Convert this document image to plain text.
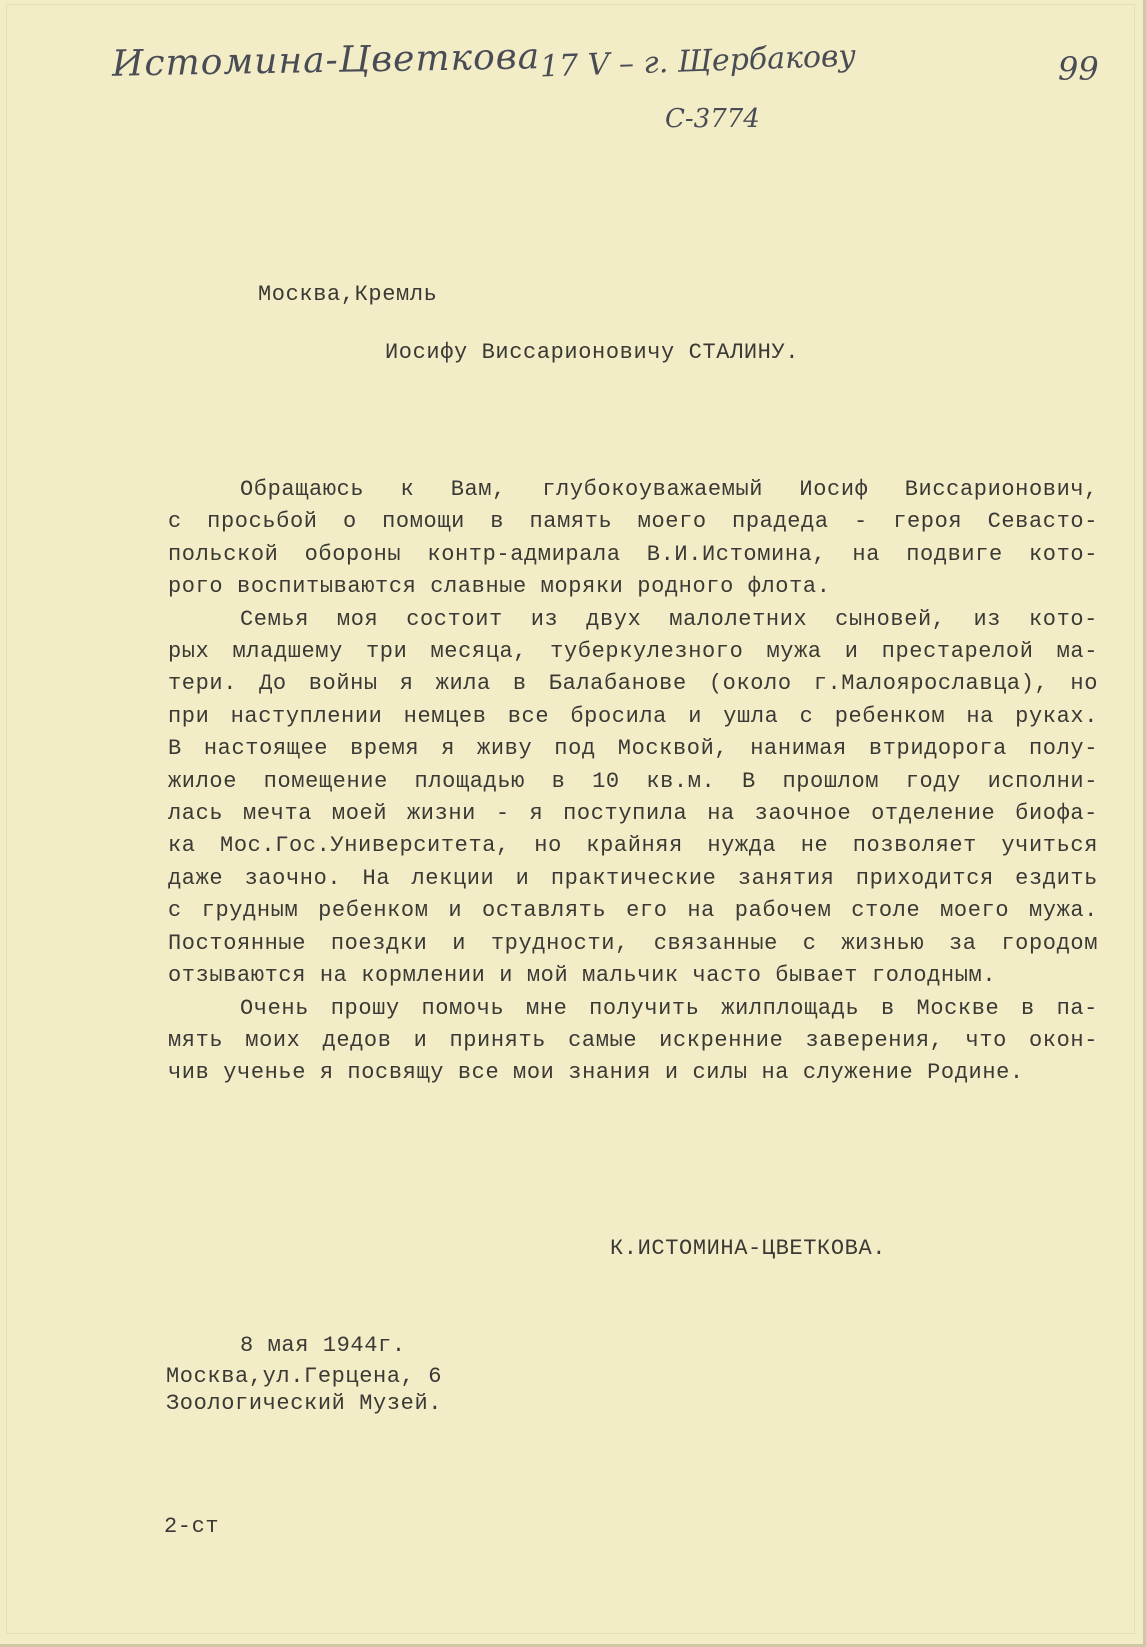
Истомина-Цветкова 17 V – г. Щербакову
С-3774
99
Москва,Кремль
Иосифу Виссарионовичу СТАЛИНУ.
Обращаюсь к Вам, глубокоуважаемый Иосиф Виссарионович,
с просьбой о помощи в память моего прадеда - героя Севасто-
польской обороны контр-адмирала В.И.Истомина, на подвиге кото-
рого воспитываются славные моряки родного флота.
Семья моя состоит из двух малолетних сыновей, из кото-
рых младшему три месяца, туберкулезного мужа и престарелой ма-
тери. До войны я жила в Балабанове (около г.Малоярославца), но
при наступлении немцев все бросила и ушла с ребенком на руках.
В настоящее время я живу под Москвой, нанимая втридорога полу-
жилое помещение площадью в 10 кв.м. В прошлом году исполни-
лась мечта моей жизни - я поступила на заочное отделение биофа-
ка Мос.Гос.Университета, но крайняя нужда не позволяет учиться
даже заочно. На лекции и практические занятия приходится ездить
с грудным ребенком и оставлять его на рабочем столе моего мужа.
Постоянные поездки и трудности, связанные с жизнью за городом
отзываются на кормлении и мой мальчик часто бывает голодным.
Очень прошу помочь мне получить жилплощадь в Москве в па-
мять моих дедов и принять самые искренние заверения, что окон-
чив ученье я посвящу все мои знания и силы на служение Родине.
К.ИСТОМИНА-ЦВЕТКОВА.
8 мая 1944г.
Москва,ул.Герцена, 6
Зоологический Музей.
2-ст
